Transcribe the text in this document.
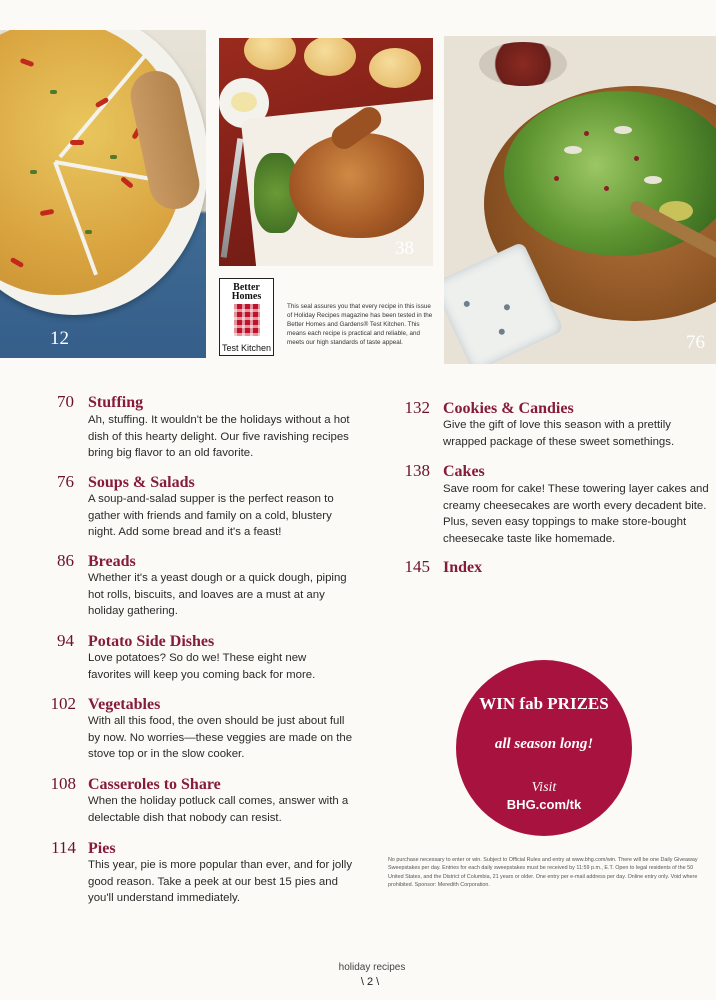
12
38
76
Better
Homes
Test Kitchen

This seal assures you that every recipe in this issue of Holiday Recipes magazine has been tested in the Better Homes and Gardens® Test Kitchen. This means each recipe is practical and reliable, and meets our high standards of taste appeal.

70 Stuffing

Ah, stuffing. It wouldn't be the holidays without a hot dish of this hearty delight. Our five ravishing recipes bring big flavor to an old favorite.

76 Soups & Salads

A soup-and-salad supper is the perfect reason to gather with friends and family on a cold, blustery night. Add some bread and it's a feast!

86 Breads

Whether it's a yeast dough or a quick dough, piping hot rolls, biscuits, and loaves are a must at any holiday gathering.

94 Potato Side Dishes

Love potatoes? So do we! These eight new favorites will keep you coming back for more.

102 Vegetables

With all this food, the oven should be just about full by now. No worries—these veggies are made on the stove top or in the slow cooker.

108 Casseroles to Share

When the holiday potluck call comes, answer with a delectable dish that nobody can resist.

114 Pies

This year, pie is more popular than ever, and for jolly good reason. Take a peek at our best 15 pies and you'll understand immediately.

132 Cookies & Candies

Give the gift of love this season with a prettily wrapped package of these sweet somethings.

138 Cakes

Save room for cake! These towering layer cakes and creamy cheesecakes are worth every decadent bite. Plus, seven easy toppings to make store-bought cheesecake taste like homemade.

145 Index
WIN fab PRIZES
all season long!
Visit
BHG.com/tk

No purchase necessary to enter or win. Subject to Official Rules and entry at www.bhg.com/win. There will be one Daily Giveaway Sweepstakes per day. Entries for each daily sweepstakes must be received by 11:59 p.m., E.T. Open to legal residents of the 50 United States, and the District of Columbia, 21 years or older. One entry per e-mail address per day. Online entry only. Void where prohibited. Sponsor: Meredith Corporation.

holiday recipes
\ 2 \
